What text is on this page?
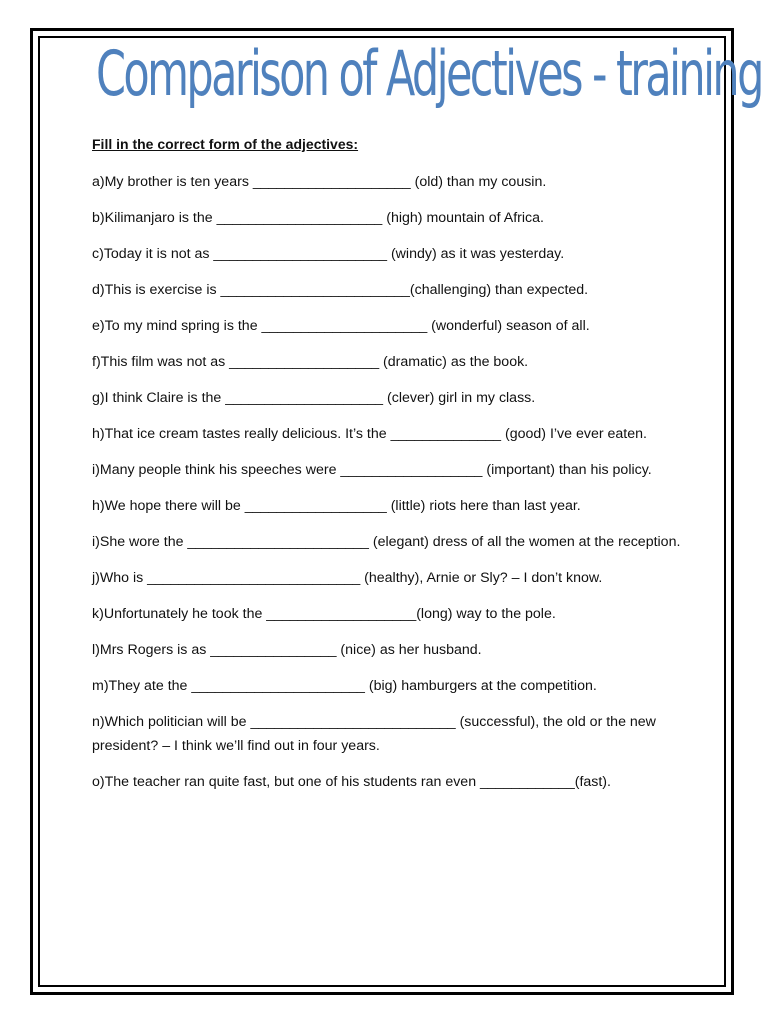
Comparison of Adjectives - training
Fill in the correct form of the adjectives:
a)My brother is ten years ____________________ (old) than my cousin.
b)Kilimanjaro is the _____________________ (high) mountain of Africa.
c)Today it is not as ______________________ (windy) as it was yesterday.
d)This is exercise is ________________________(challenging) than expected.
e)To my mind spring is the _____________________ (wonderful) season of all.
f)This film was not as ___________________ (dramatic) as the book.
g)I think Claire is the ____________________ (clever) girl in my class.
h)That ice cream tastes really delicious. It’s the ______________ (good) I’ve ever eaten.
i)Many people think his speeches were __________________ (important) than his policy.
h)We hope there will be __________________ (little) riots here than last year.
i)She wore the _______________________ (elegant) dress of all the women at the reception.
j)Who is ___________________________ (healthy), Arnie or Sly? – I don’t know.
k)Unfortunately he took the ___________________(long) way to the pole.
l)Mrs Rogers is as ________________ (nice) as her husband.
m)They ate the ______________________ (big) hamburgers at the competition.
n)Which politician will be __________________________ (successful), the old or the new president? – I think we’ll find out in four years.
o)The teacher ran quite fast, but one of his students ran even ____________(fast).
